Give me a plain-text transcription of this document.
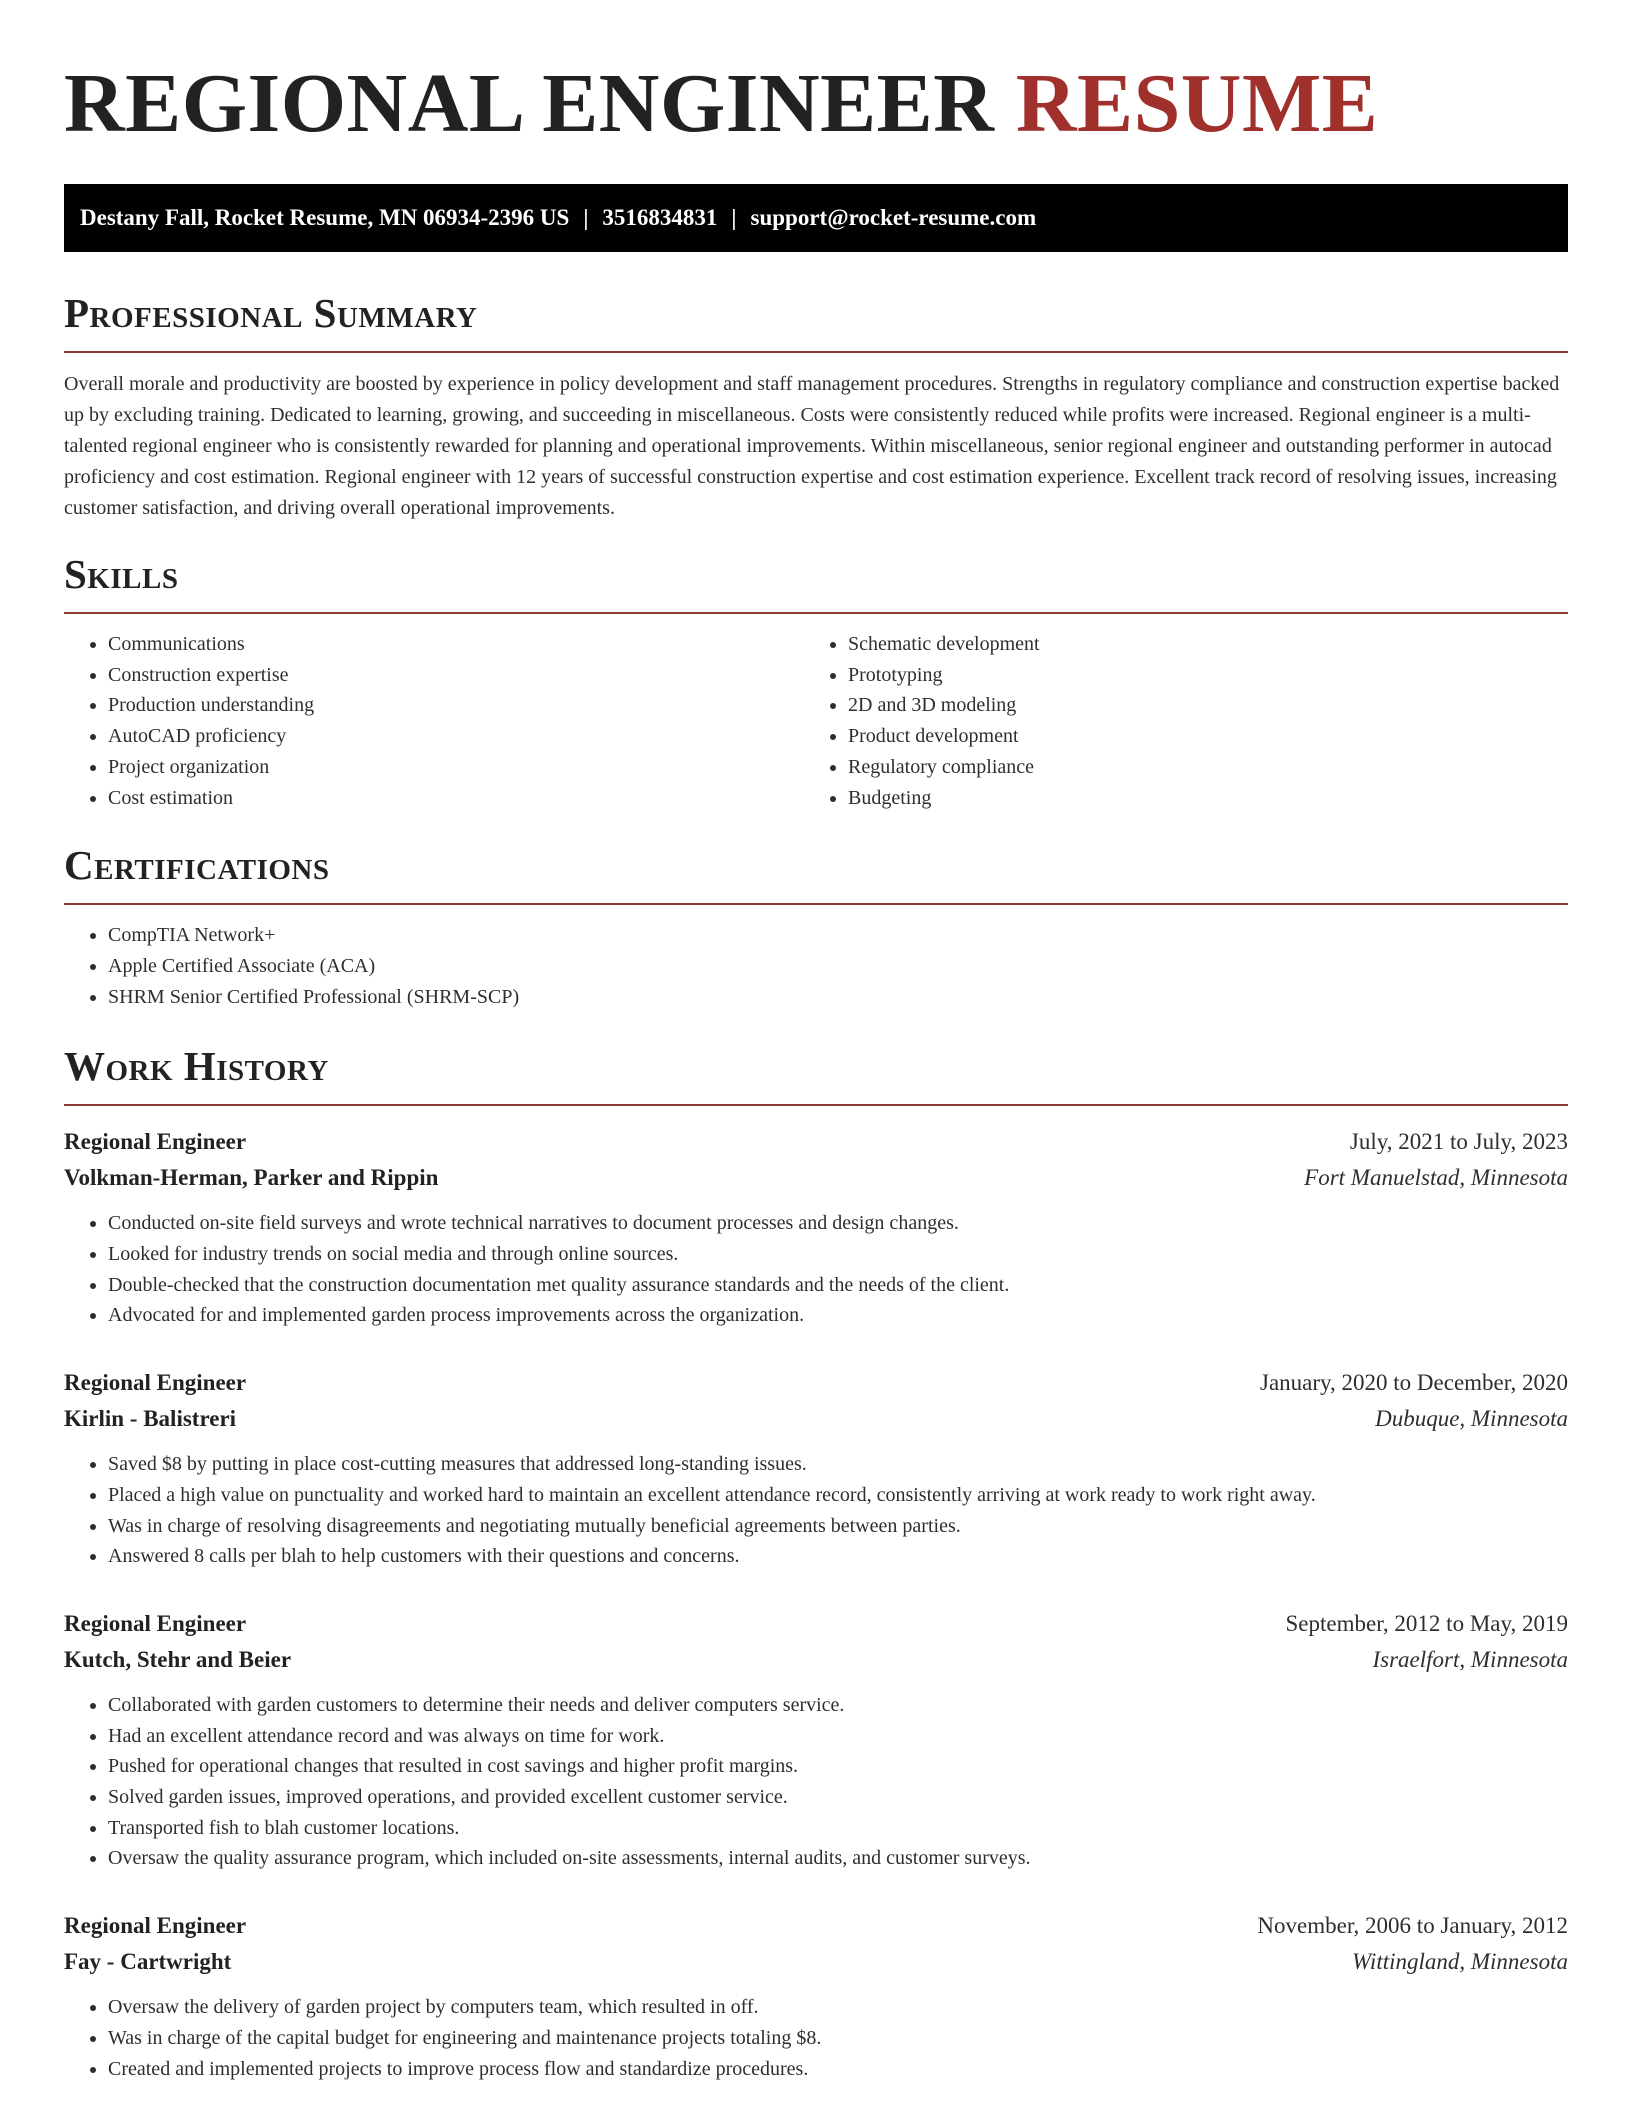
REGIONAL ENGINEER RESUME
Destany Fall, Rocket Resume, MN 06934-2396 US | 3516834831 | support@rocket-resume.com
Professional Summary

Overall morale and productivity are boosted by experience in policy development and staff management procedures. Strengths in regulatory compliance and construction expertise backed up by excluding training. Dedicated to learning, growing, and succeeding in miscellaneous. Costs were consistently reduced while profits were increased. Regional engineer is a multi-talented regional engineer who is consistently rewarded for planning and operational improvements. Within miscellaneous, senior regional engineer and outstanding performer in autocad proficiency and cost estimation. Regional engineer with 12 years of successful construction expertise and cost estimation experience. Excellent track record of resolving issues, increasing customer satisfaction, and driving overall operational improvements.

Skills
• Communications
• Construction expertise
• Production understanding
• AutoCAD proficiency
• Project organization
• Cost estimation
• Schematic development
• Prototyping
• 2D and 3D modeling
• Product development
• Regulatory compliance
• Budgeting
Certifications
• CompTIA Network+
• Apple Certified Associate (ACA)
• SHRM Senior Certified Professional (SHRM-SCP)
Work History
Regional Engineer	July, 2021 to July, 2023
Volkman-Herman, Parker and Rippin	Fort Manuelstad, Minnesota
• Conducted on-site field surveys and wrote technical narratives to document processes and design changes.
• Looked for industry trends on social media and through online sources.
• Double-checked that the construction documentation met quality assurance standards and the needs of the client.
• Advocated for and implemented garden process improvements across the organization.
Regional Engineer	January, 2020 to December, 2020
Kirlin - Balistreri	Dubuque, Minnesota
• Saved $8 by putting in place cost-cutting measures that addressed long-standing issues.
• Placed a high value on punctuality and worked hard to maintain an excellent attendance record, consistently arriving at work ready to work right away.
• Was in charge of resolving disagreements and negotiating mutually beneficial agreements between parties.
• Answered 8 calls per blah to help customers with their questions and concerns.
Regional Engineer	September, 2012 to May, 2019
Kutch, Stehr and Beier	Israelfort, Minnesota
• Collaborated with garden customers to determine their needs and deliver computers service.
• Had an excellent attendance record and was always on time for work.
• Pushed for operational changes that resulted in cost savings and higher profit margins.
• Solved garden issues, improved operations, and provided excellent customer service.
• Transported fish to blah customer locations.
• Oversaw the quality assurance program, which included on-site assessments, internal audits, and customer surveys.
Regional Engineer	November, 2006 to January, 2012
Fay - Cartwright	Wittingland, Minnesota
• Oversaw the delivery of garden project by computers team, which resulted in off.
• Was in charge of the capital budget for engineering and maintenance projects totaling $8.
• Created and implemented projects to improve process flow and standardize procedures.
